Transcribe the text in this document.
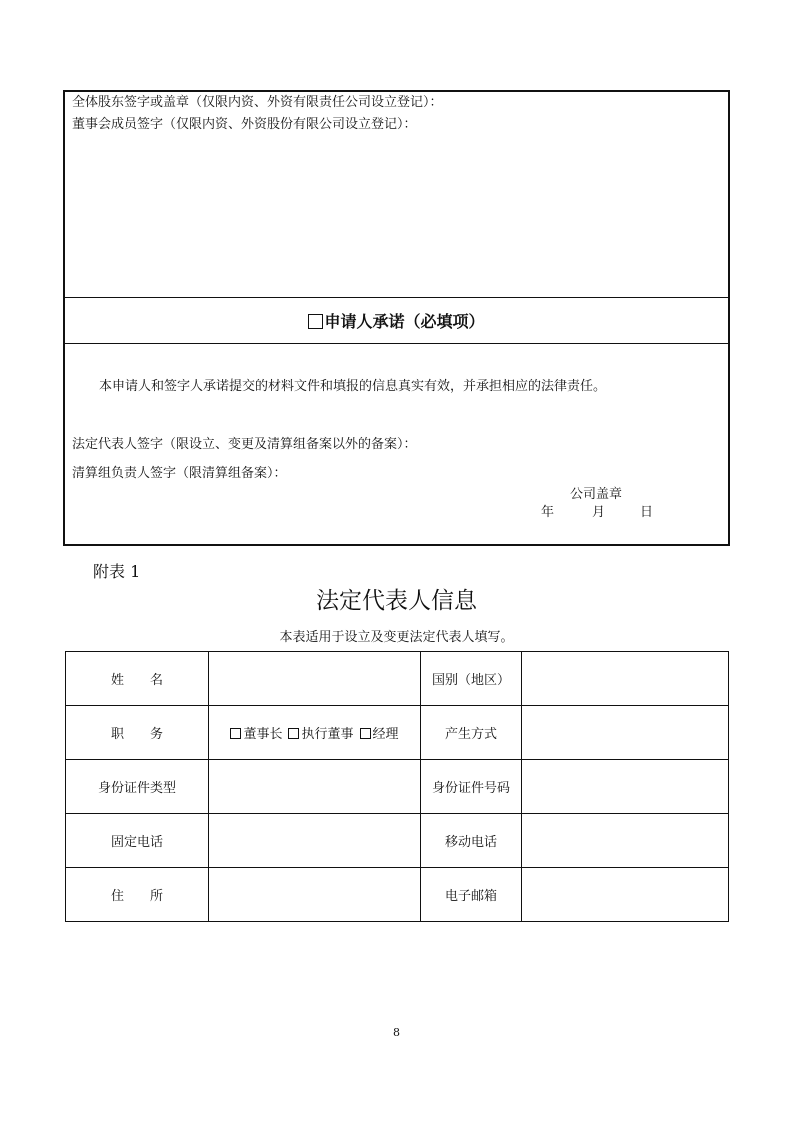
全体股东签字或盖章（仅限内资、外资有限责任公司设立登记）：
董事会成员签字（仅限内资、外资股份有限公司设立登记）：
申请人承诺（必填项）
本申请人和签字人承诺提交的材料文件和填报的信息真实有效，并承担相应的法律责任。
法定代表人签字（限设立、变更及清算组备案以外的备案）：
清算组负责人签字（限清算组备案）：
公司盖章
年	月	日
附表 1
法定代表人信息
本表适用于设立及变更法定代表人填写。
姓　　名		国别（地区）	
职　　务	董事长 执行董事 经理	产生方式	
身份证件类型		身份证件号码	
固定电话		移动电话	
住　　所		电子邮箱	
8
